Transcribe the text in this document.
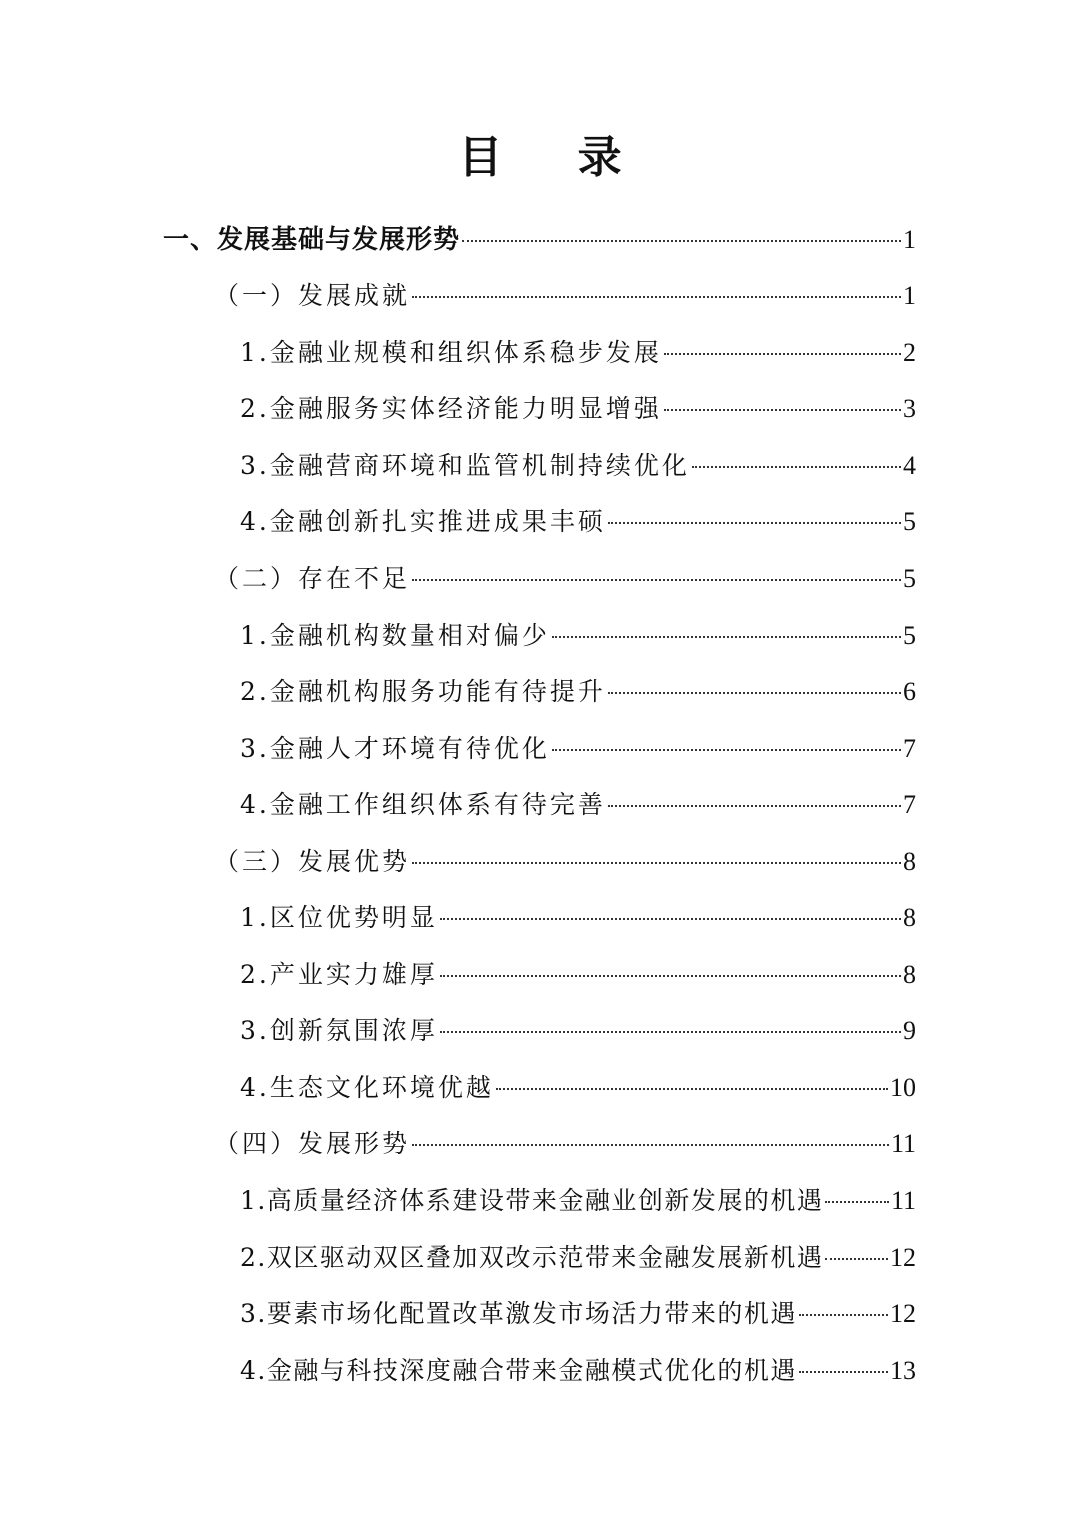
目 录
一、发展基础与发展形势	1
（一）发展成就	1
1.金融业规模和组织体系稳步发展	2
2.金融服务实体经济能力明显增强	3
3.金融营商环境和监管机制持续优化	4
4.金融创新扎实推进成果丰硕	5
（二）存在不足	5
1.金融机构数量相对偏少	5
2.金融机构服务功能有待提升	6
3.金融人才环境有待优化	7
4.金融工作组织体系有待完善	7
（三）发展优势	8
1.区位优势明显	8
2.产业实力雄厚	8
3.创新氛围浓厚	9
4.生态文化环境优越	10
（四）发展形势	11
1.高质量经济体系建设带来金融业创新发展的机遇	11
2.双区驱动双区叠加双改示范带来金融发展新机遇	12
3.要素市场化配置改革激发市场活力带来的机遇	12
4.金融与科技深度融合带来金融模式优化的机遇	13
